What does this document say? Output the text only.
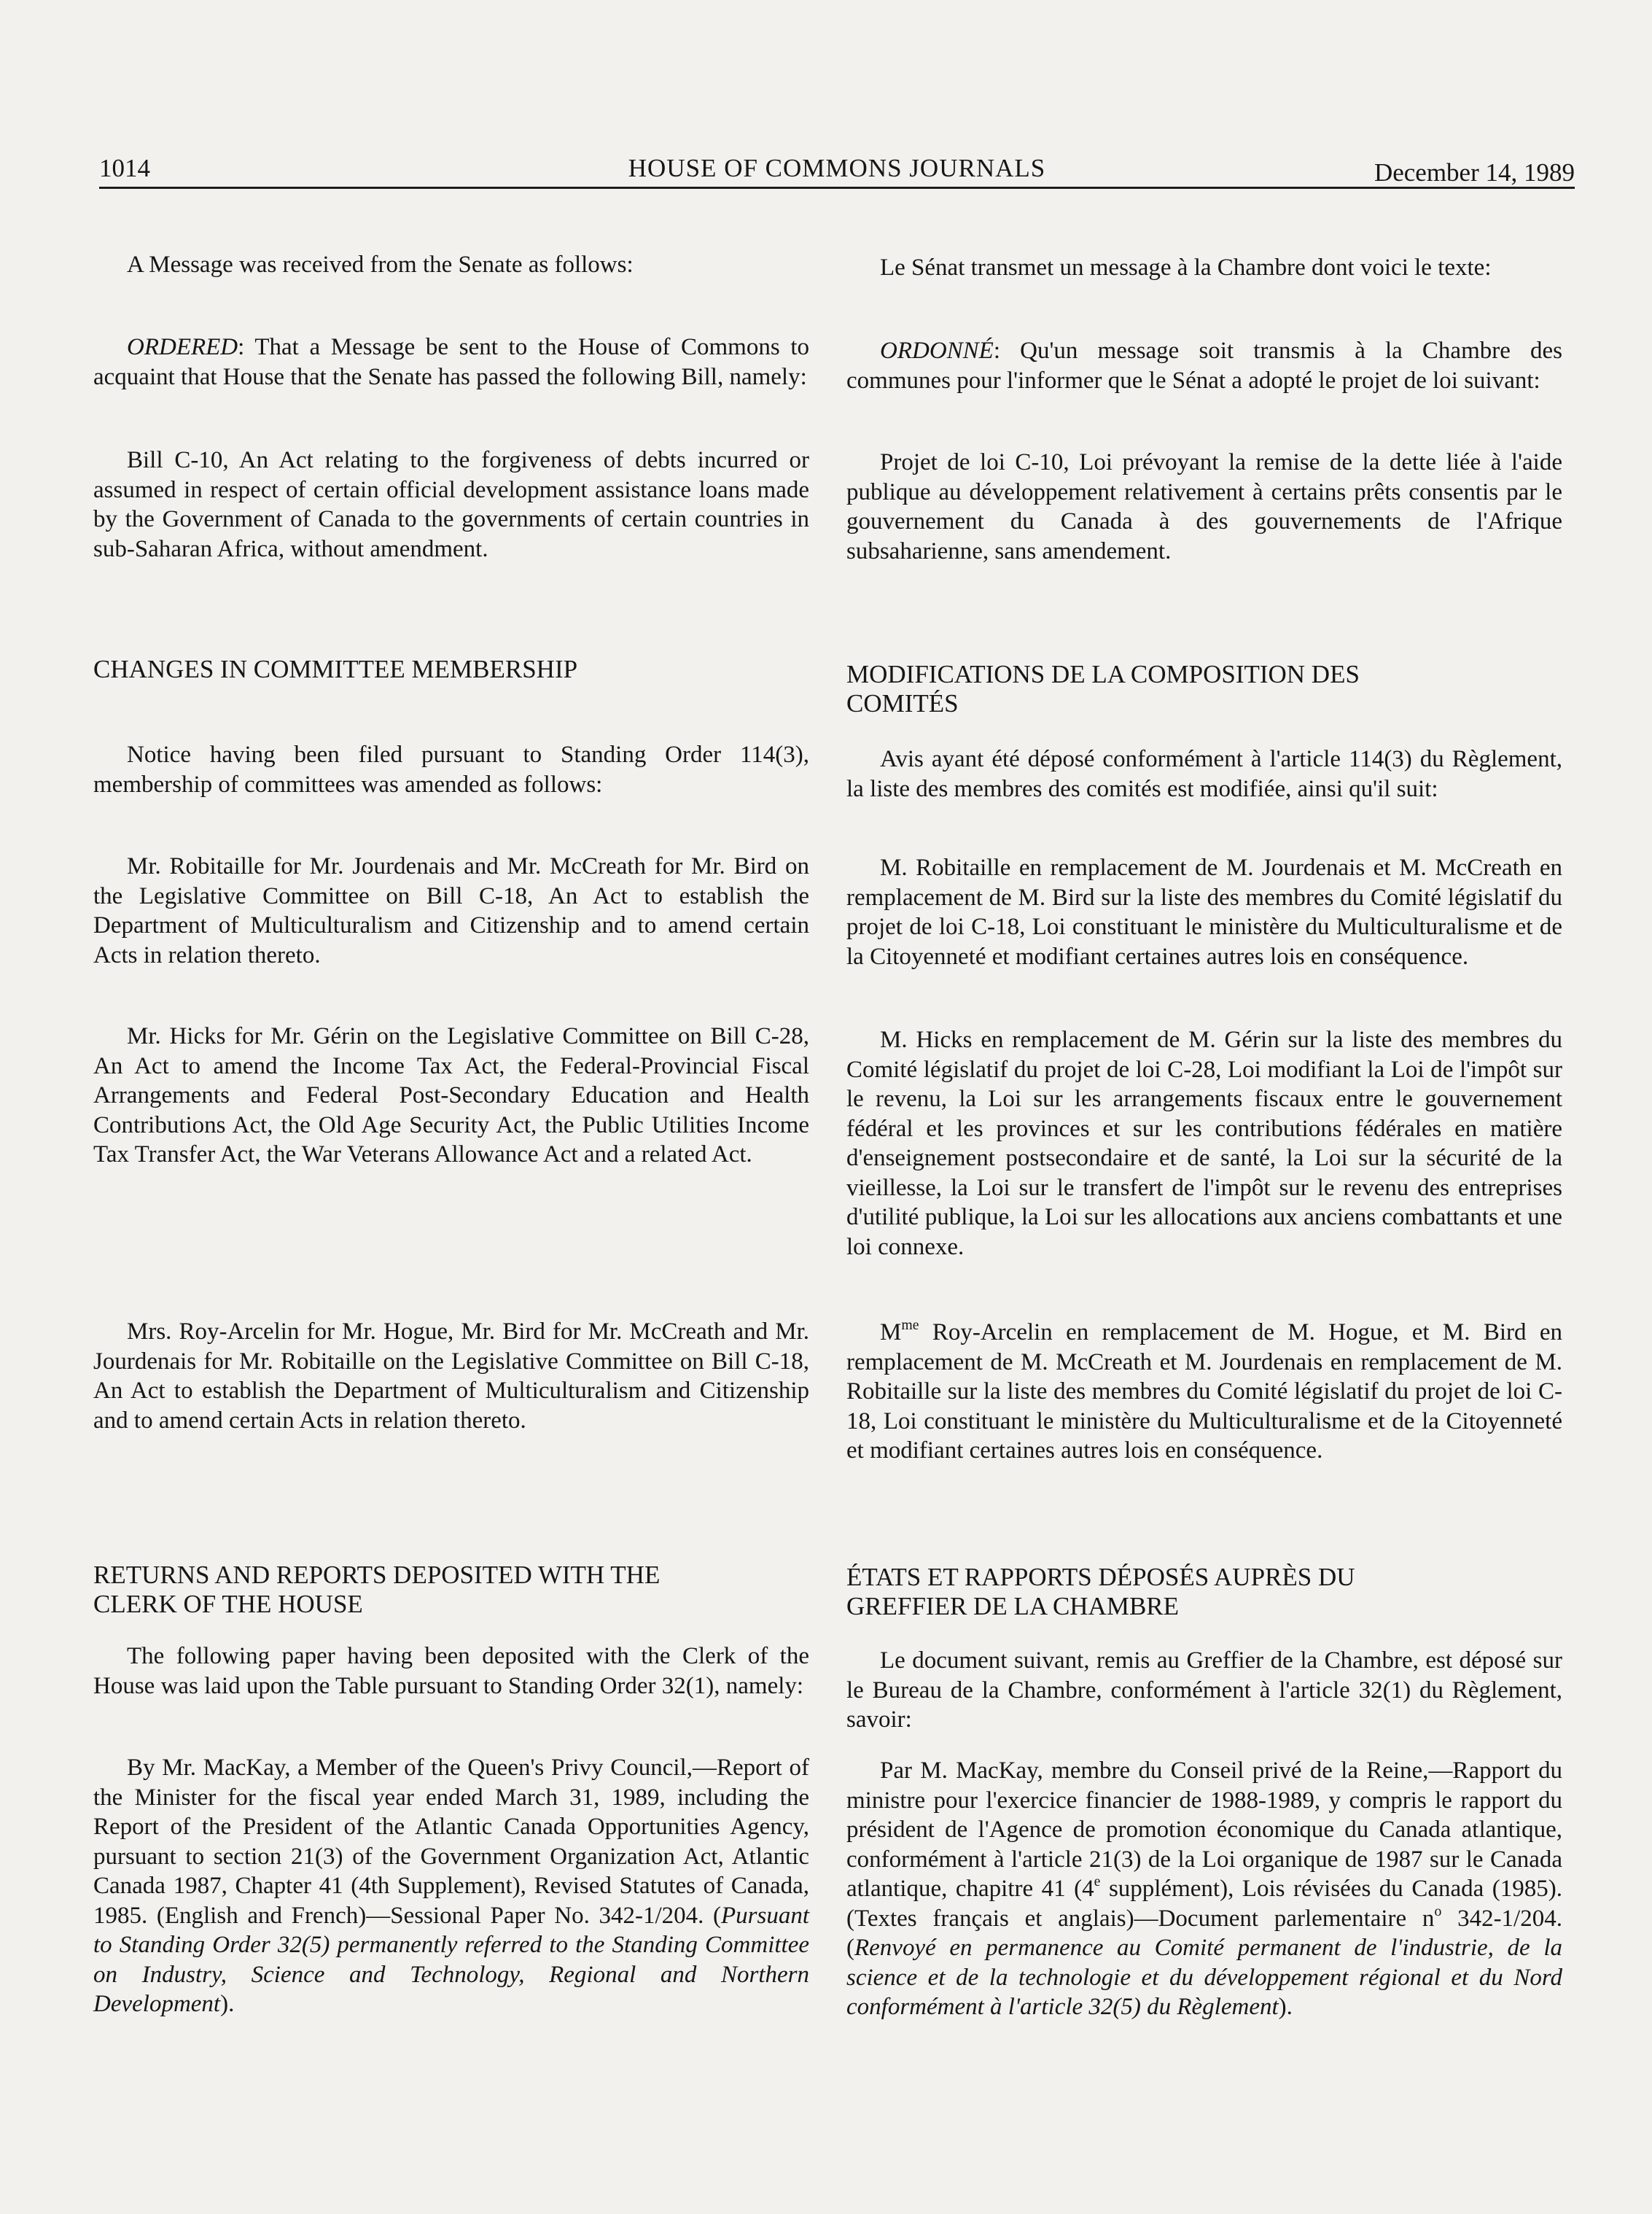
1014	HOUSE OF COMMONS JOURNALS	December 14, 1989
A Message was received from the Senate as follows:
ORDERED: That a Message be sent to the House of Commons to acquaint that House that the Senate has passed the following Bill, namely:
Bill C-10, An Act relating to the forgiveness of debts incurred or assumed in respect of certain official development assistance loans made by the Government of Canada to the governments of certain countries in sub-Saharan Africa, without amendment.
CHANGES IN COMMITTEE MEMBERSHIP
Notice having been filed pursuant to Standing Order 114(3), membership of committees was amended as follows:
Mr. Robitaille for Mr. Jourdenais and Mr. McCreath for Mr. Bird on the Legislative Committee on Bill C-18, An Act to establish the Department of Multiculturalism and Citizenship and to amend certain Acts in relation thereto.
Mr. Hicks for Mr. Gérin on the Legislative Committee on Bill C-28, An Act to amend the Income Tax Act, the Federal-Provincial Fiscal Arrangements and Federal Post-Secondary Education and Health Contributions Act, the Old Age Security Act, the Public Utilities Income Tax Transfer Act, the War Veterans Allowance Act and a related Act.
Mrs. Roy-Arcelin for Mr. Hogue, Mr. Bird for Mr. McCreath and Mr. Jourdenais for Mr. Robitaille on the Legislative Committee on Bill C-18, An Act to establish the Department of Multiculturalism and Citizenship and to amend certain Acts in relation thereto.
RETURNS AND REPORTS DEPOSITED WITH THE
CLERK OF THE HOUSE
The following paper having been deposited with the Clerk of the House was laid upon the Table pursuant to Standing Order 32(1), namely:
By Mr. MacKay, a Member of the Queen's Privy Council,—Report of the Minister for the fiscal year ended March 31, 1989, including the Report of the President of the Atlantic Canada Opportunities Agency, pursuant to section 21(3) of the Government Organization Act, Atlantic Canada 1987, Chapter 41 (4th Supplement), Revised Statutes of Canada, 1985. (English and French)—Sessional Paper No. 342-1/204. (Pursuant to Standing Order 32(5) permanently referred to the Standing Committee on Industry, Science and Technology, Regional and Northern Development).
Le Sénat transmet un message à la Chambre dont voici le texte:
ORDONNÉ: Qu'un message soit transmis à la Chambre des communes pour l'informer que le Sénat a adopté le projet de loi suivant:
Projet de loi C-10, Loi prévoyant la remise de la dette liée à l'aide publique au développement relativement à certains prêts consentis par le gouvernement du Canada à des gouvernements de l'Afrique subsaharienne, sans amendement.
MODIFICATIONS DE LA COMPOSITION DES
COMITÉS
Avis ayant été déposé conformément à l'article 114(3) du Règlement, la liste des membres des comités est modifiée, ainsi qu'il suit:
M. Robitaille en remplacement de M. Jourdenais et M. McCreath en remplacement de M. Bird sur la liste des membres du Comité législatif du projet de loi C-18, Loi constituant le ministère du Multiculturalisme et de la Citoyenneté et modifiant certaines autres lois en conséquence.
M. Hicks en remplacement de M. Gérin sur la liste des membres du Comité législatif du projet de loi C-28, Loi modifiant la Loi de l'impôt sur le revenu, la Loi sur les arrangements fiscaux entre le gouvernement fédéral et les provinces et sur les contributions fédérales en matière d'enseignement postsecondaire et de santé, la Loi sur la sécurité de la vieillesse, la Loi sur le transfert de l'impôt sur le revenu des entreprises d'utilité publique, la Loi sur les allocations aux anciens combattants et une loi connexe.
$M^{me}$ Roy-Arcelin en remplacement de M. Hogue, et M. Bird en remplacement de M. McCreath et M. Jourdenais en remplacement de M. Robitaille sur la liste des membres du Comité législatif du projet de loi C-18, Loi constituant le ministère du Multiculturalisme et de la Citoyenneté et modifiant certaines autres lois en conséquence.
ÉTATS ET RAPPORTS DÉPOSÉS AUPRÈS DU
GREFFIER DE LA CHAMBRE
Le document suivant, remis au Greffier de la Chambre, est déposé sur le Bureau de la Chambre, conformément à l'article 32(1) du Règlement, savoir:
Par M. MacKay, membre du Conseil privé de la Reine,—Rapport du ministre pour l'exercice financier de 1988-1989, y compris le rapport du président de l'Agence de promotion économique du Canada atlantique, conformément à l'article 21(3) de la Loi organique de 1987 sur le Canada atlantique, chapitre 41 (4e supplément), Lois révisées du Canada (1985). (Textes français et anglais)—Document parlementaire $n^o$ 342-1/204. (Renvoyé en permanence au Comité permanent de l'industrie, de la science et de la technologie et du développement régional et du Nord conformément à l'article 32(5) du Règlement).
